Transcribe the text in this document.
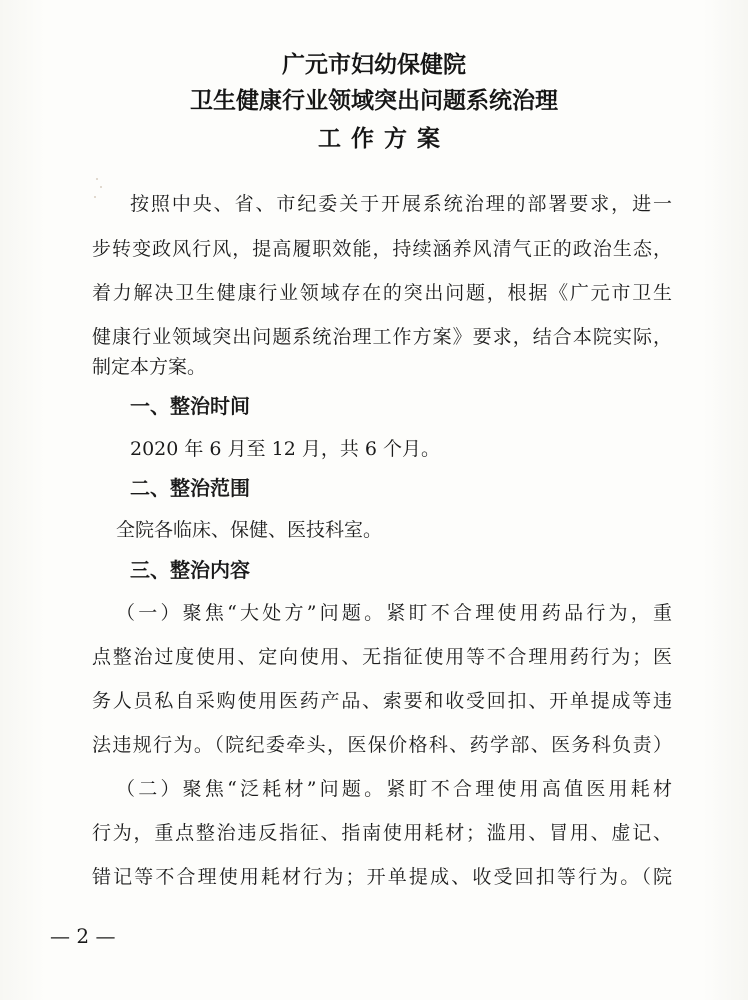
广元市妇幼保健院
卫生健康行业领域突出问题系统治理
工作方案
按照中央、省、市纪委关于开展系统治理的部署要求，进一
步转变政风行风，提高履职效能，持续涵养风清气正的政治生态，
着力解决卫生健康行业领域存在的突出问题，根据《广元市卫生
健康行业领域突出问题系统治理工作方案》要求，结合本院实际，
制定本方案。
一、整治时间
2020 年 6 月至 12 月，共 6 个月。
二、整治范围
全院各临床、保健、医技科室。
三、整治内容
（一）聚焦“大处方”问题。紧盯不合理使用药品行为，重
点整治过度使用、定向使用、无指征使用等不合理用药行为；医
务人员私自采购使用医药产品、索要和收受回扣、开单提成等违
法违规行为。（院纪委牵头，医保价格科、药学部、医务科负责）
（二）聚焦“泛耗材”问题。紧盯不合理使用高值医用耗材
行为，重点整治违反指征、指南使用耗材；滥用、冒用、虚记、
错记等不合理使用耗材行为；开单提成、收受回扣等行为。（院
— 2 —
